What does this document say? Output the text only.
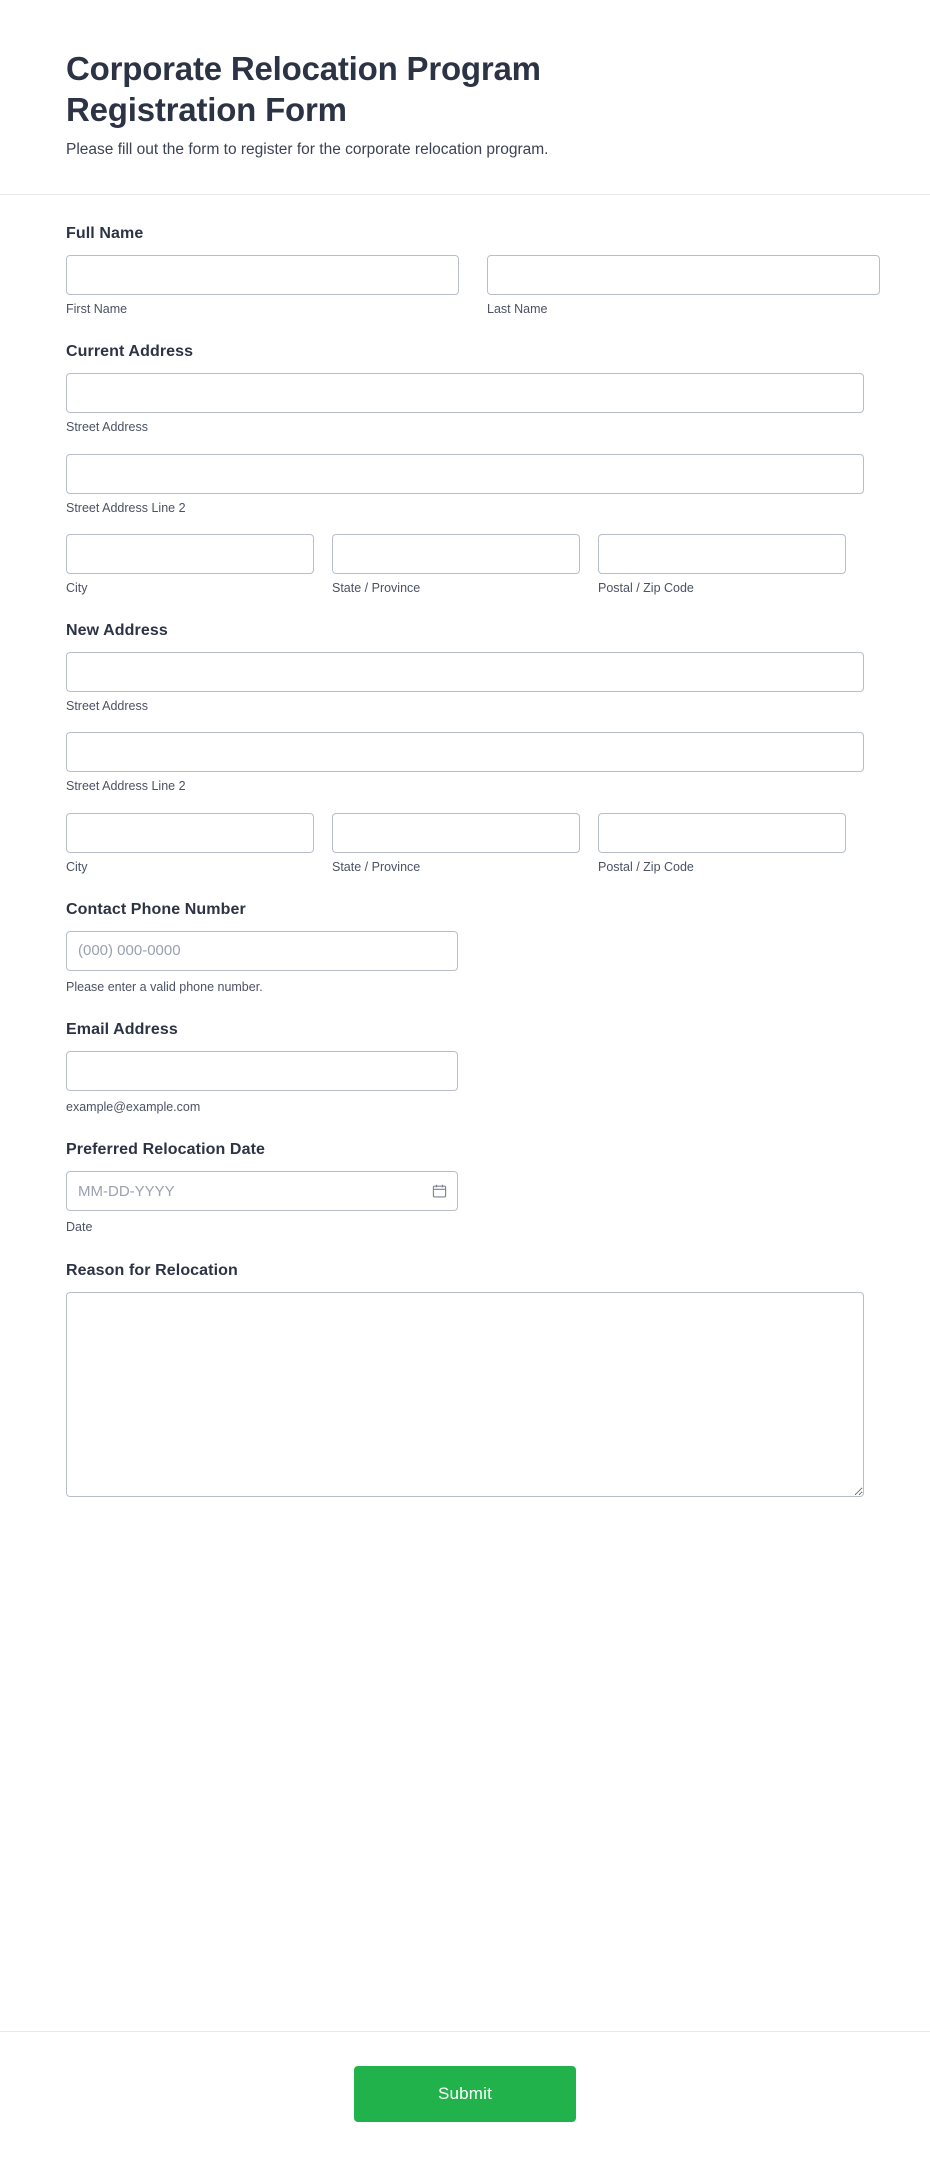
Corporate Relocation Program Registration Form

Please fill out the form to register for the corporate relocation program.

Full Name
First Name	Last Name
Current Address
Street Address
Street Address Line 2
City	State / Province	Postal / Zip Code
New Address
Street Address
Street Address Line 2
City	State / Province	Postal / Zip Code
Contact Phone Number
(000) 000-0000
Please enter a valid phone number.
Email Address
example@example.com
Preferred Relocation Date
MM-DD-YYYY
Date
Reason for Relocation
Submit
